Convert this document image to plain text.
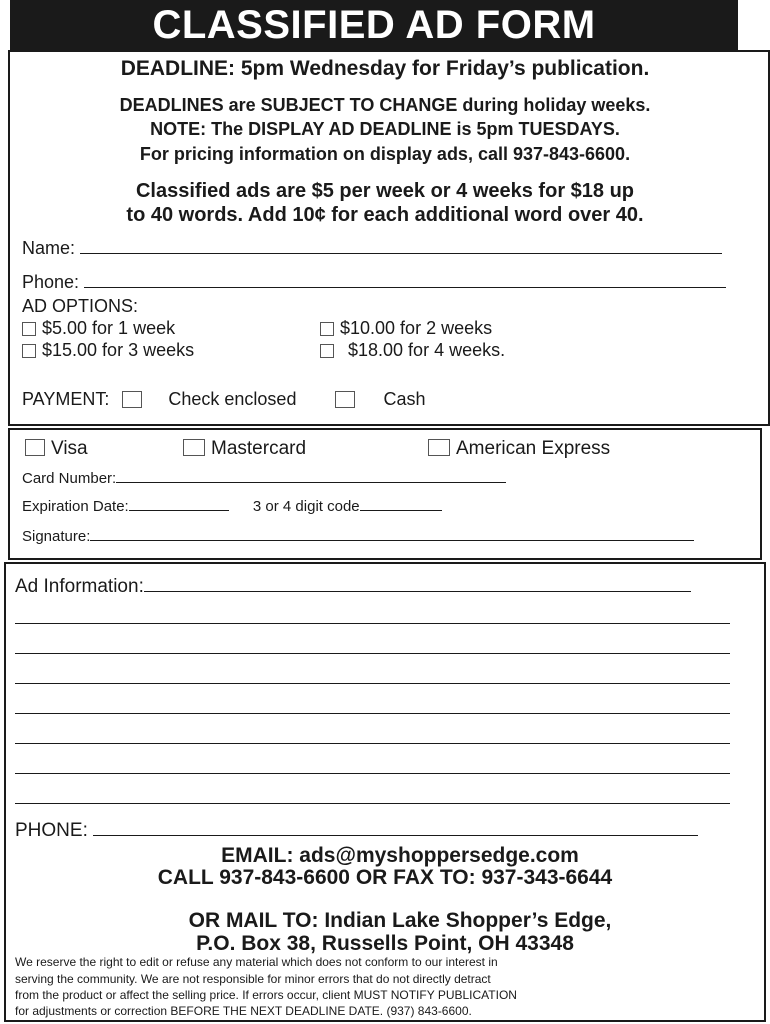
CLASSIFIED AD FORM
DEADLINE: 5pm Wednesday for Friday’s publication.
DEADLINES are SUBJECT TO CHANGE during holiday weeks.
NOTE: The DISPLAY AD DEADLINE is 5pm TUESDAYS.
For pricing information on display ads, call 937-843-6600.
Classified ads are $5 per week or 4 weeks for $18 up
to 40 words. Add 10¢ for each additional word over 40.
Name:
Phone:
AD OPTIONS:
$5.00 for 1 week	$10.00 for 2 weeks
$15.00 for 3 weeks	$18.00 for 4 weeks.
PAYMENT:	Check enclosed	Cash
Visa	Mastercard	American Express
Card Number:
Expiration Date:	3 or 4 digit code
Signature:
Ad Information:
PHONE:
EMAIL: ads@myshoppersedge.com
CALL 937-843-6600 OR FAX TO: 937-343-6644
OR MAIL TO: Indian Lake Shopper’s Edge,
P.O. Box 38, Russells Point, OH 43348
We reserve the right to edit or refuse any material which does not conform to our interest in
serving the community. We are not responsible for minor errors that do not directly detract
from the product or affect the selling price. If errors occur, client MUST NOTIFY PUBLICATION
for adjustments or correction BEFORE THE NEXT DEADLINE DATE. (937) 843-6600.
